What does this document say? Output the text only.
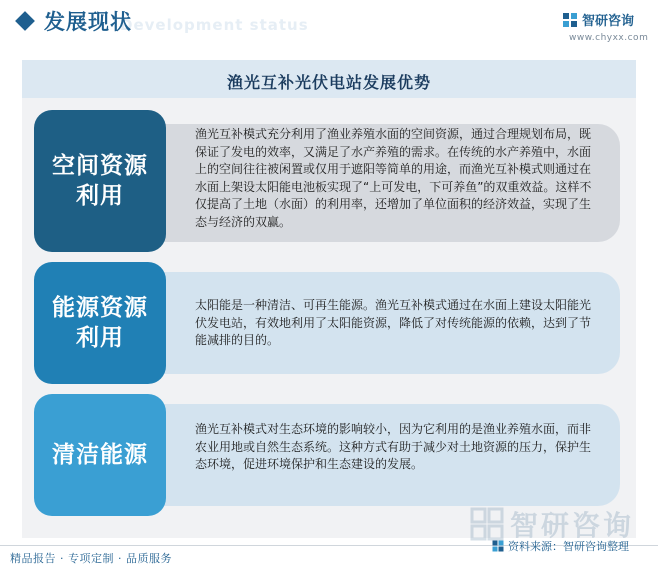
Development status
发展现状	智研咨询
www.chyxx.com
渔光互补光伏电站发展优势
空间资源
利用
渔光互补模式充分利用了渔业养殖水面的空间资源，通过合理规划布局，既保证了发电的效率，又满足了水产养殖的需求。在传统的水产养殖中，水面上的空间往往被闲置或仅用于遮阳等简单的用途，而渔光互补模式则通过在水面上架设太阳能电池板实现了“上可发电，下可养鱼”的双重效益。这样不仅提高了土地（水面）的利用率，还增加了单位面积的经济效益，实现了生态与经济的双赢。
能源资源
利用
太阳能是一种清洁、可再生能源。渔光互补模式通过在水面上建设太阳能光伏发电站，有效地利用了太阳能资源，降低了对传统能源的依赖，达到了节能减排的目的。
清洁能源
渔光互补模式对生态环境的影响较小，因为它利用的是渔业养殖水面，而非农业用地或自然生态系统。这种方式有助于减少对土地资源的压力，保护生态环境，促进环境保护和生态建设的发展。
智研咨询
精品报告 · 专项定制 · 品质服务
资料来源：智研咨询整理
